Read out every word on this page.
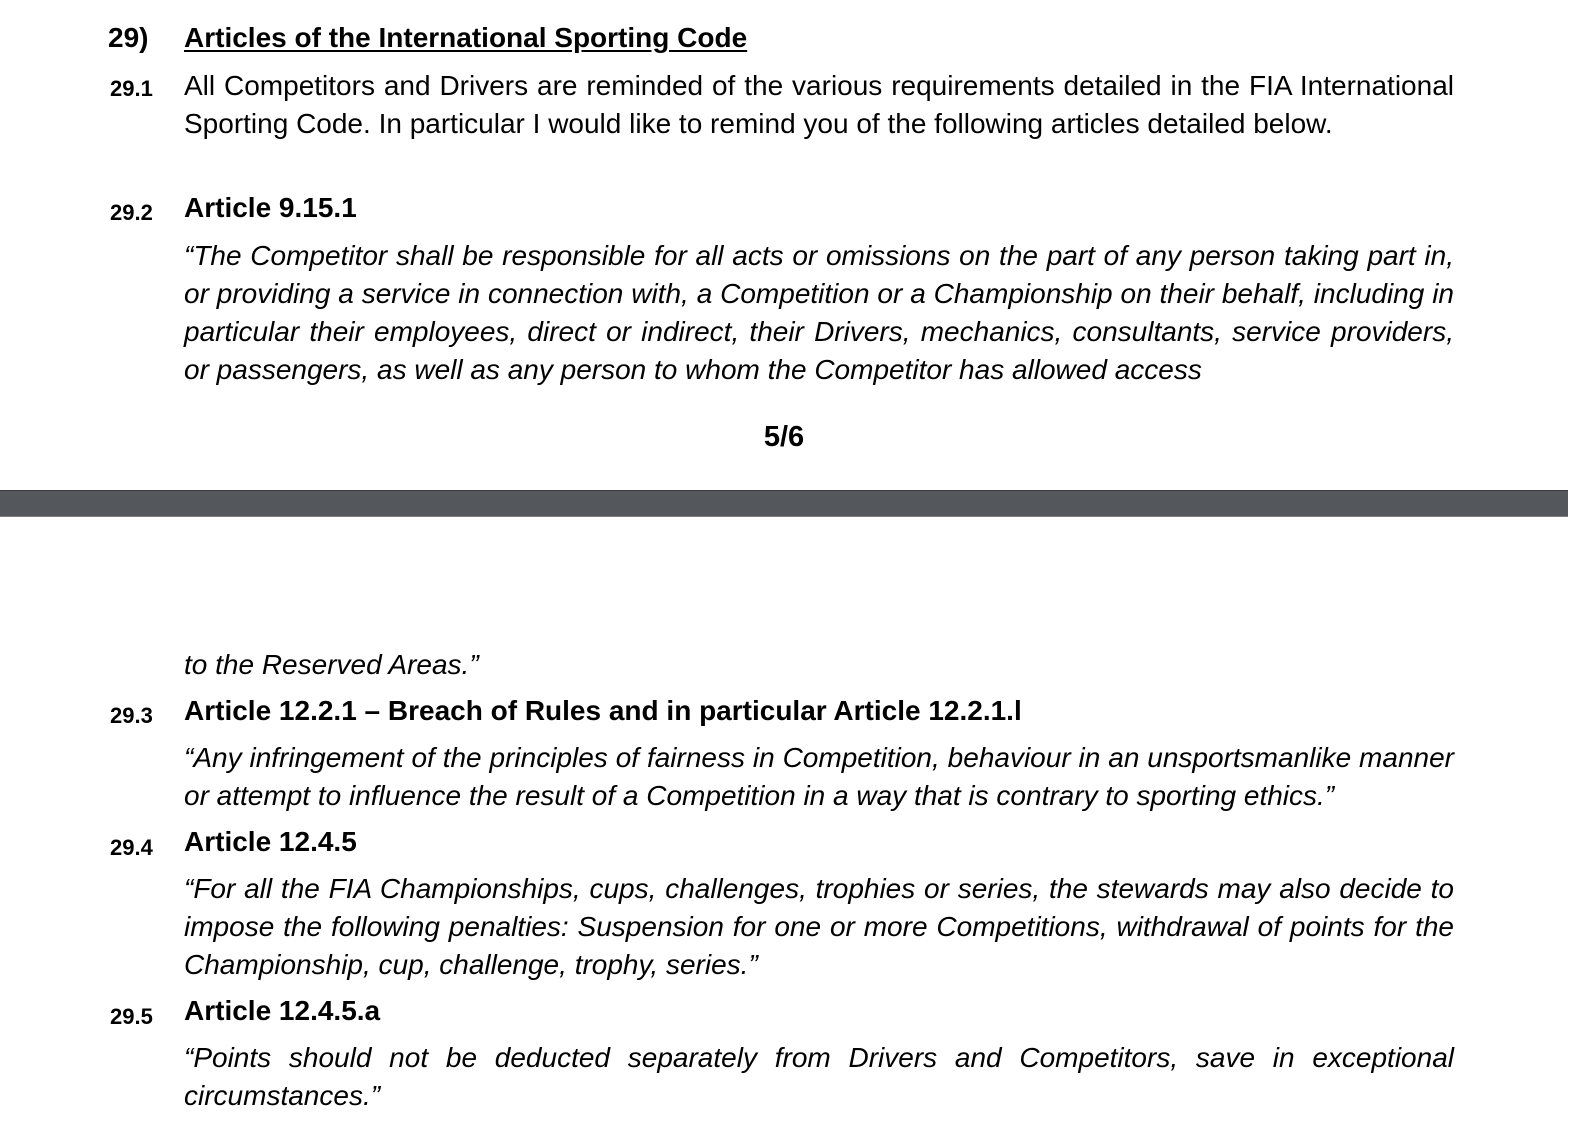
29) Articles of the International Sporting Code
29.1 All Competitors and Drivers are reminded of the various requirements detailed in the FIA International Sporting Code. In particular I would like to remind you of the following articles detailed below.
29.2 Article 9.15.1
“The Competitor shall be responsible for all acts or omissions on the part of any person taking part in, or providing a service in connection with, a Competition or a Championship on their behalf, including in particular their employees, direct or indirect, their Drivers, mechanics, consultants, service providers, or passengers, as well as any person to whom the Competitor has allowed access
5/6
to the Reserved Areas.”
29.3 Article 12.2.1 – Breach of Rules and in particular Article 12.2.1.l
“Any infringement of the principles of fairness in Competition, behaviour in an unsportsmanlike manner or attempt to influence the result of a Competition in a way that is contrary to sporting ethics.”
29.4 Article 12.4.5
“For all the FIA Championships, cups, challenges, trophies or series, the stewards may also decide to impose the following penalties: Suspension for one or more Competitions, withdrawal of points for the Championship, cup, challenge, trophy, series.”
29.5 Article 12.4.5.a
“Points should not be deducted separately from Drivers and Competitors, save in exceptional circumstances.”
